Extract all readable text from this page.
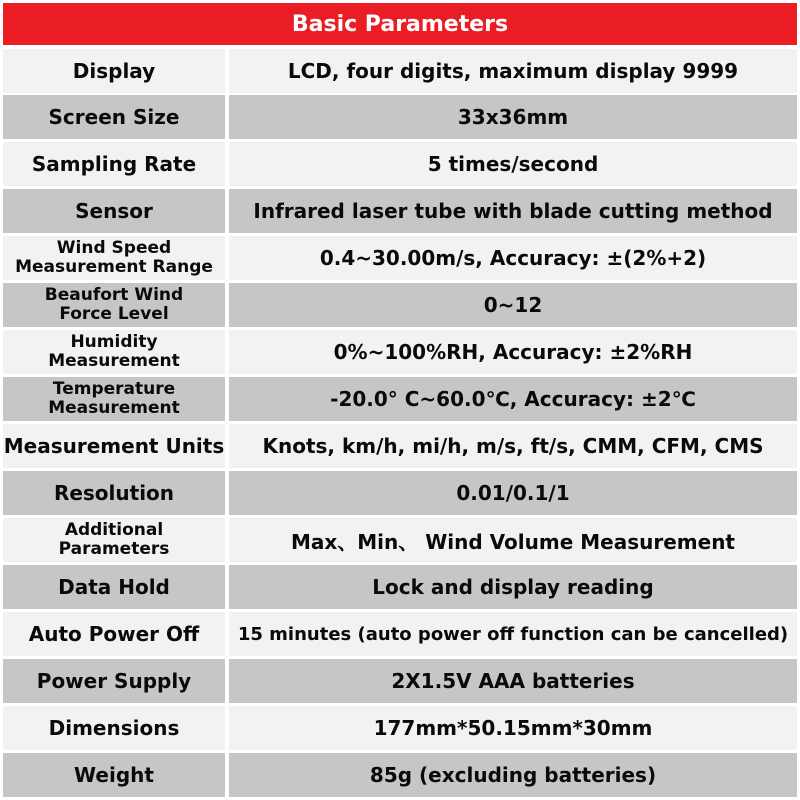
Basic Parameters
Display	LCD, four digits, maximum display 9999
Screen Size	33x36mm
Sampling Rate	5 times/second
Sensor	Infrared laser tube with blade cutting method
Wind Speed
Measurement Range	0.4~30.00m/s, Accuracy: ±(2%+2)
Beaufort Wind
Force Level	0~12
Humidity
Measurement	0%~100%RH, Accuracy: ±2%RH
Temperature
Measurement	-20.0° C~60.0℃, Accuracy: ±2℃
Measurement Units	Knots, km/h, mi/h, m/s, ft/s, CMM, CFM, CMS
Resolution	0.01/0.1/1
Additional
Parameters	Max、Min、 Wind Volume Measurement
Data Hold	Lock and display reading
Auto Power Off	15 minutes (auto power off function can be cancelled)
Power Supply	2X1.5V AAA batteries
Dimensions	177mm*50.15mm*30mm
Weight	85g (excluding batteries)
